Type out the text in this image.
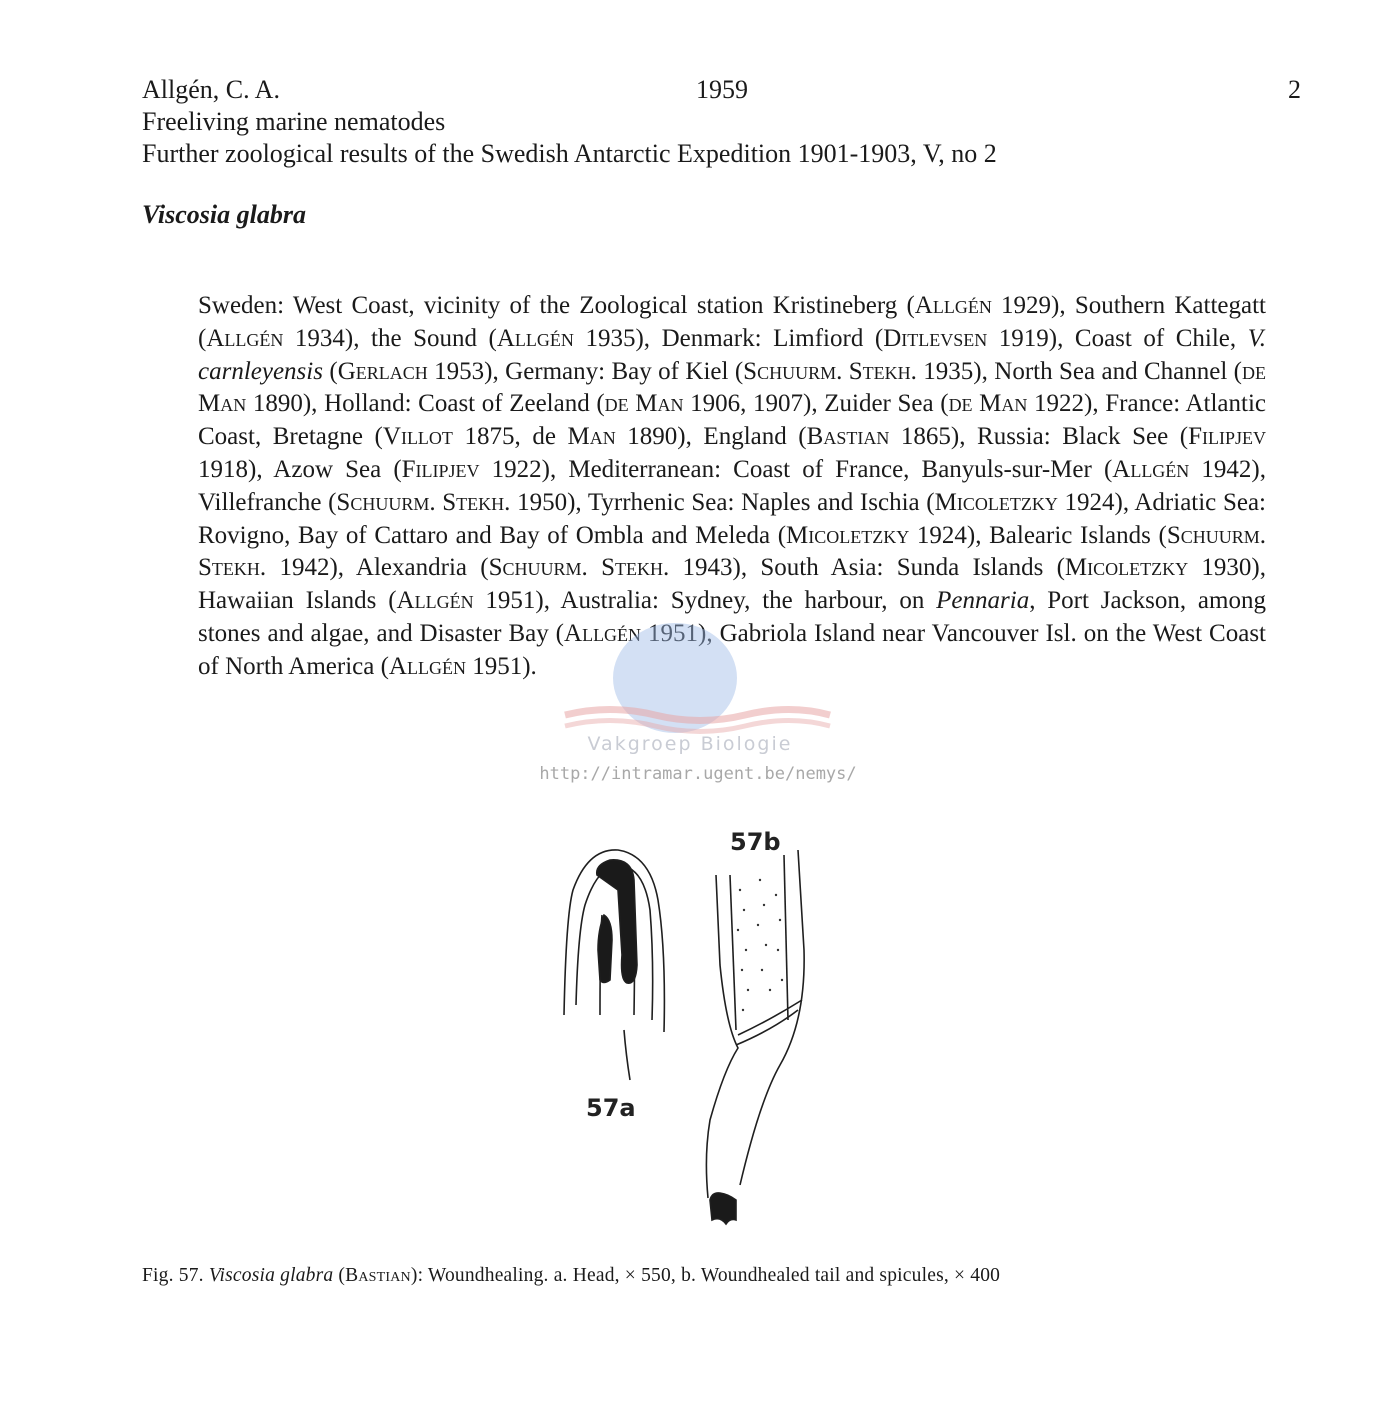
Allgén, C. A.	1959	2
Freeliving marine nematodes
Further zoological results of the Swedish Antarctic Expedition 1901-1903, V, no 2
Viscosia glabra
Sweden: West Coast, vicinity of the Zoological station Kristineberg (Allgén 1929), Southern Kattegatt (Allgén 1934), the Sound (Allgén 1935), Denmark: Limfiord (Ditlevsen 1919), Coast of Chile, V. carnleyensis (Gerlach 1953), Germany: Bay of Kiel (Schuurm. Stekh. 1935), North Sea and Channel (de Man 1890), Holland: Coast of Zeeland (de Man 1906, 1907), Zuider Sea (de Man 1922), France: Atlantic Coast, Bretagne (Villot 1875, de Man 1890), England (Bastian 1865), Russia: Black See (Filipjev 1918), Azow Sea (Filipjev 1922), Mediterranean: Coast of France, Banyuls-sur-Mer (Allgén 1942), Villefranche (Schuurm. Stekh. 1950), Tyrrhenic Sea: Naples and Ischia (Micoletzky 1924), Adriatic Sea: Rovigno, Bay of Cattaro and Bay of Ombla and Meleda (Micoletzky 1924), Balearic Islands (Schuurm. Stekh. 1942), Alexandria (Schuurm. Stekh. 1943), South Asia: Sunda Islands (Micoletzky 1930), Hawaiian Islands (Allgén 1951), Australia: Sydney, the harbour, on Pennaria, Port Jackson, among stones and algae, and Disaster Bay (Allgén 1951), Gabriola Island near Vancouver Isl. on the West Coast of North America (Allgén 1951).
Vakgroep Biologie
http://intramar.ugent.be/nemys/
57b
57a
Fig. 57. Viscosia glabra (Bastian): Woundhealing. a. Head, × 550, b. Woundhealed tail and spicules, × 400
